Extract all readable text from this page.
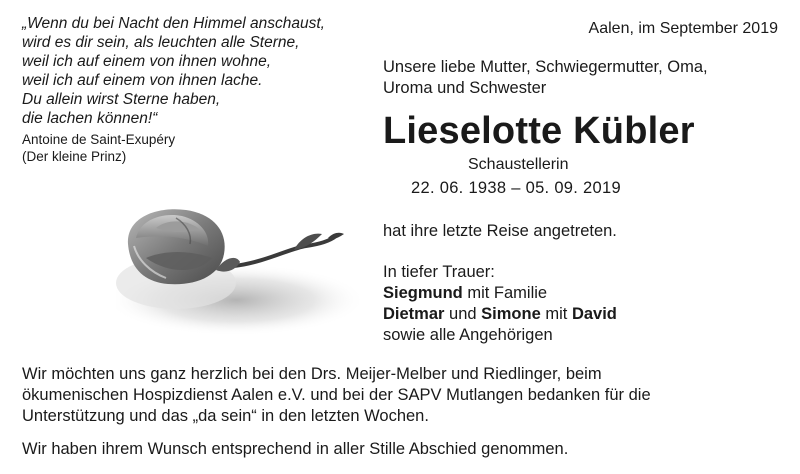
„Wenn du bei Nacht den Himmel anschaust,
wird es dir sein, als leuchten alle Sterne,
weil ich auf einem von ihnen wohne,
weil ich auf einem von ihnen lache.
Du allein wirst Sterne haben,
die lachen können!“
Antoine de Saint-Exupéry
(Der kleine Prinz)
Aalen, im September 2019
Unsere liebe Mutter, Schwiegermutter, Oma,
Uroma und Schwester
Lieselotte Kübler
Schaustellerin
22. 06. 1938 – 05. 09. 2019
hat ihre letzte Reise angetreten.
In tiefer Trauer:
Siegmund mit Familie
Dietmar und Simone mit David
sowie alle Angehörigen
Wir möchten uns ganz herzlich bei den Drs. Meijer-Melber und Riedlinger, beim
ökumenischen Hospizdienst Aalen e.V. und bei der SAPV Mutlangen bedanken für die
Unterstützung und das „da sein“ in den letzten Wochen.
Wir haben ihrem Wunsch entsprechend in aller Stille Abschied genommen.
